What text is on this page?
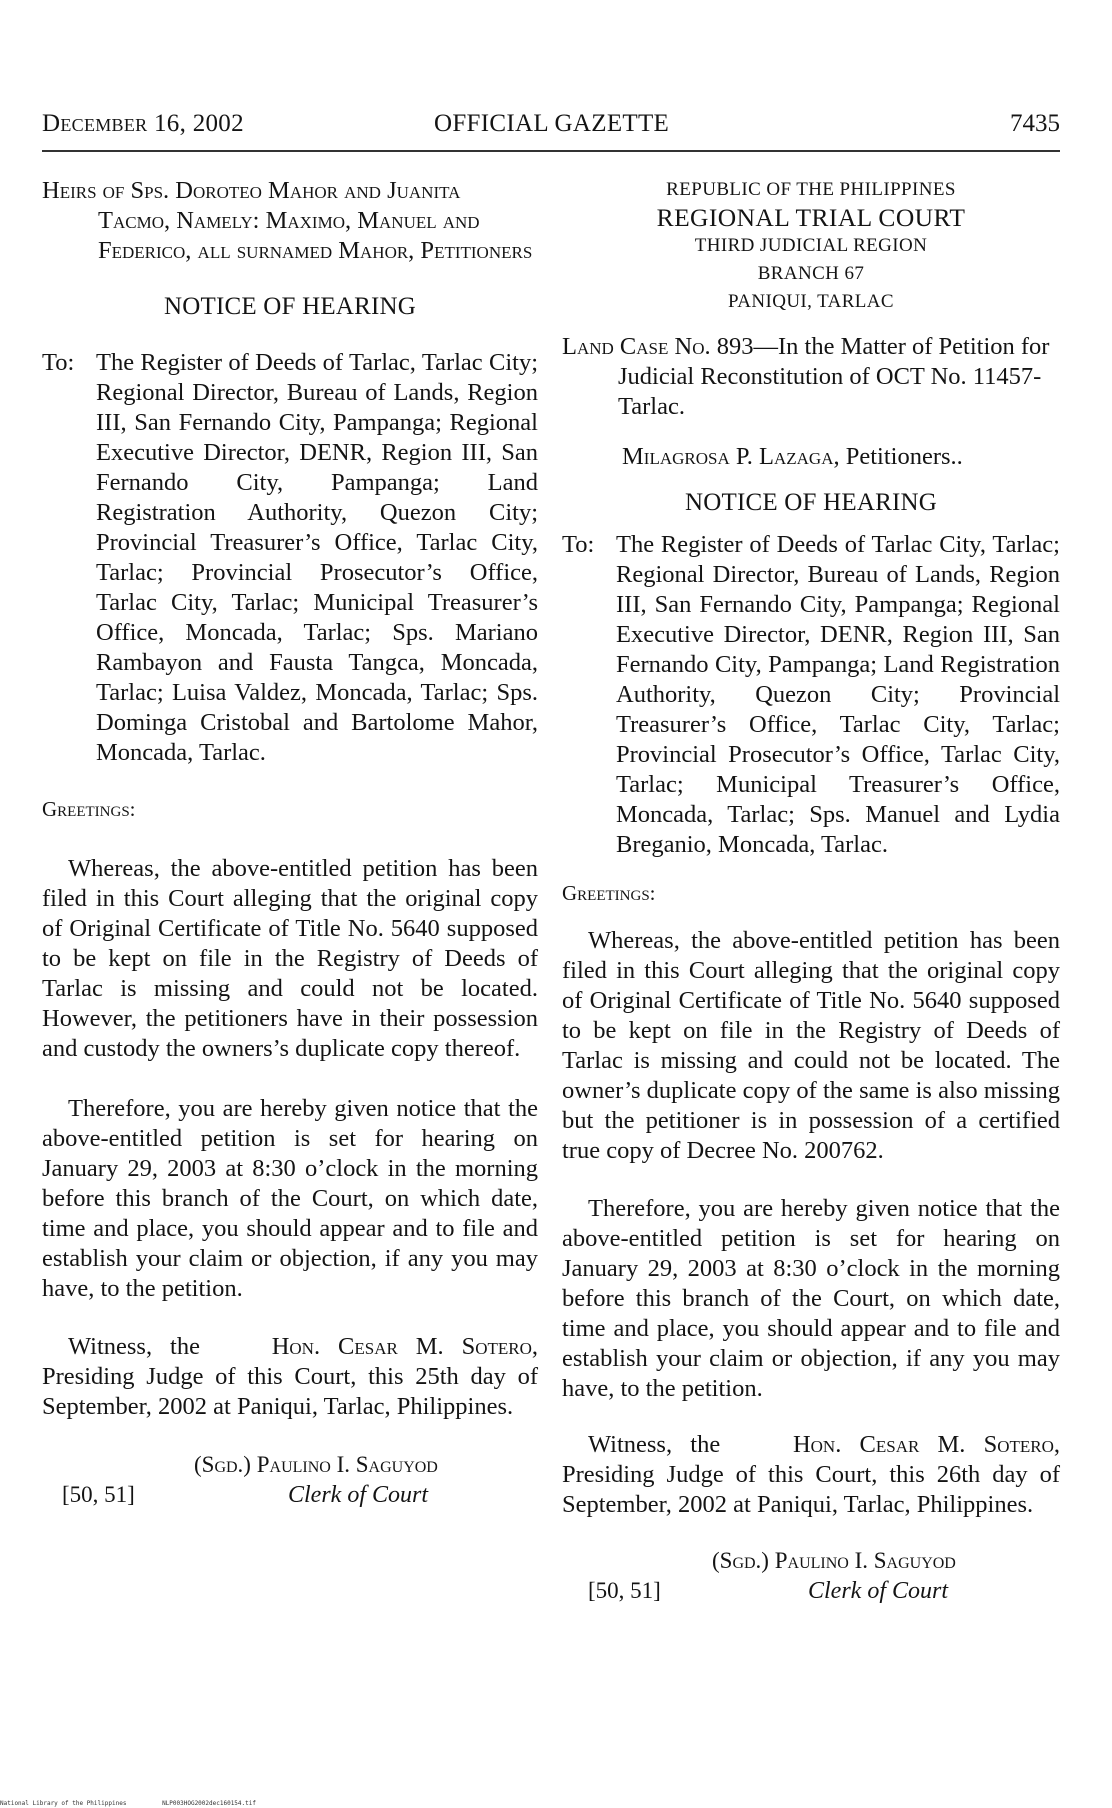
December 16, 2002	OFFICIAL GAZETTE	7435

Heirs of Sps. Doroteo Mahor and Juanita Tacmo, Namely: Maximo, Manuel and Federico, all surnamed Mahor, Petitioners

NOTICE OF HEARING
To: The Register of Deeds of Tarlac, Tarlac City; Regional Director, Bureau of Lands, Region III, San Fernando City, Pampanga; Regional Executive Director, DENR, Region III, San Fernando City, Pampanga; Land Registration Authority, Quezon City; Provincial Treasurer’s Office, Tarlac City, Tarlac; Provincial Prosecutor’s Office, Tarlac City, Tarlac; Municipal Treasurer’s Office, Moncada, Tarlac; Sps. Mariano Rambayon and Fausta Tangca, Moncada, Tarlac; Luisa Valdez, Moncada, Tarlac; Sps. Dominga Cristobal and Bartolome Mahor, Moncada, Tarlac.
Greetings:

Whereas, the above-entitled petition has been filed in this Court alleging that the original copy of Original Certificate of Title No. 5640 supposed to be kept on file in the Registry of Deeds of Tarlac is missing and could not be located. However, the petitioners have in their possession and custody the owners’s duplicate copy thereof.

Therefore, you are hereby given notice that the above-entitled petition is set for hearing on January 29, 2003 at 8:30 o’clock in the morning before this branch of the Court, on which date, time and place, you should appear and to file and establish your claim or objection, if any you may have, to the petition.

Witness, the	Hon. Cesar M. Sotero, Presiding Judge of this Court, this 25th day of September, 2002 at Paniqui, Tarlac, Philippines.

(Sgd.) Paulino I. Saguyod
[50, 51]	Clerk of Court
REPUBLIC OF THE PHILIPPINES
REGIONAL TRIAL COURT
THIRD JUDICIAL REGION
BRANCH 67
PANIQUI, TARLAC

Land Case No. 893—In the Matter of Petition for Judicial Reconstitution of OCT No. 11457-Tarlac.

Milagrosa P. Lazaga, Petitioners..

NOTICE OF HEARING
To: The Register of Deeds of Tarlac City, Tarlac; Regional Director, Bureau of Lands, Region III, San Fernando City, Pampanga; Regional Executive Director, DENR, Region III, San Fernando City, Pampanga; Land Registration Authority, Quezon City; Provincial Treasurer’s Office, Tarlac City, Tarlac; Provincial Prosecutor’s Office, Tarlac City, Tarlac; Municipal Treasurer’s Office, Moncada, Tarlac; Sps. Manuel and Lydia Breganio, Moncada, Tarlac.
Greetings:

Whereas, the above-entitled petition has been filed in this Court alleging that the original copy of Original Certificate of Title No. 5640 supposed to be kept on file in the Registry of Deeds of Tarlac is missing and could not be located. The owner’s duplicate copy of the same is also missing but the petitioner is in possession of a certified true copy of Decree No. 200762.

Therefore, you are hereby given notice that the above-entitled petition is set for hearing on January 29, 2003 at 8:30 o’clock in the morning before this branch of the Court, on which date, time and place, you should appear and to file and establish your claim or objection, if any you may have, to the petition.

Witness, the	Hon. Cesar M. Sotero, Presiding Judge of this Court, this 26th day of September, 2002 at Paniqui, Tarlac, Philippines.

(Sgd.) Paulino I. Saguyod
[50, 51]	Clerk of Court
National Library of the Philippines	NLP003HOG2002dec160154.tif
